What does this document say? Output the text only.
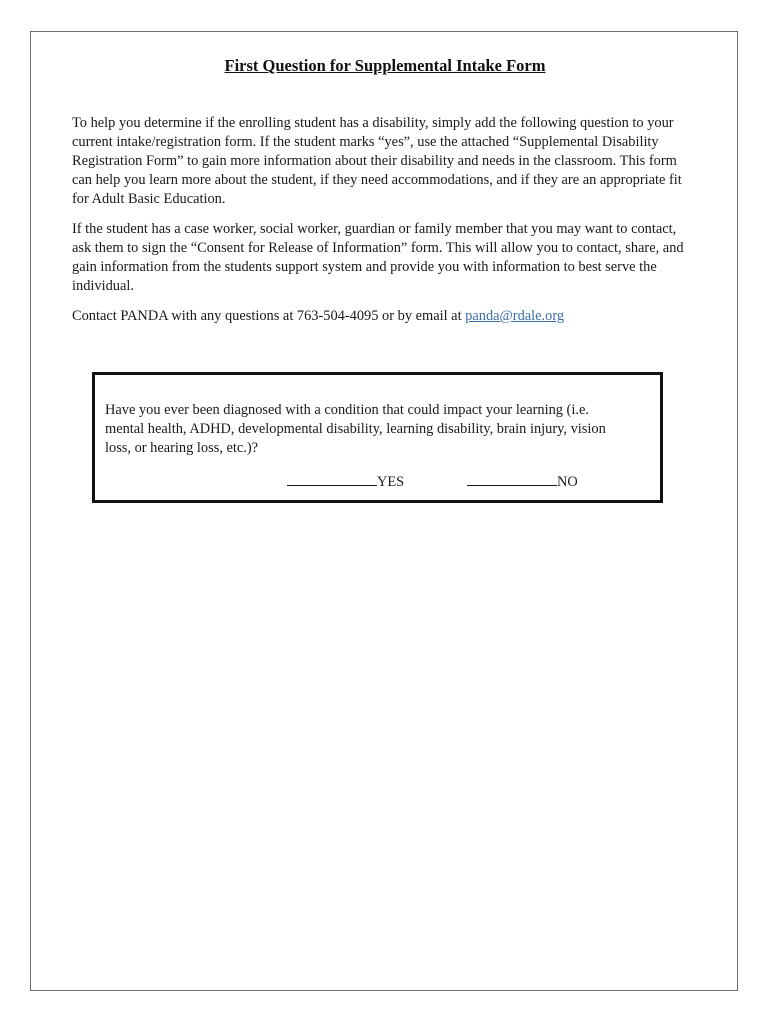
First Question for Supplemental Intake Form

To help you determine if the enrolling student has a disability, simply add the following question to your
current intake/registration form. If the student marks “yes”, use the attached “Supplemental Disability
Registration Form” to gain more information about their disability and needs in the classroom. This form
can help you learn more about the student, if they need accommodations, and if they are an appropriate fit
for Adult Basic Education.

If the student has a case worker, social worker, guardian or family member that you may want to contact,
ask them to sign the “Consent for Release of Information” form. This will allow you to contact, share, and
gain information from the students support system and provide you with information to best serve the
individual.

Contact PANDA with any questions at 763-504-4095 or by email at panda@rdale.org

Have you ever been diagnosed with a condition that could impact your learning (i.e.
mental health, ADHD, developmental disability, learning disability, brain injury, vision
loss, or hearing loss, etc.)?

YES	NO
